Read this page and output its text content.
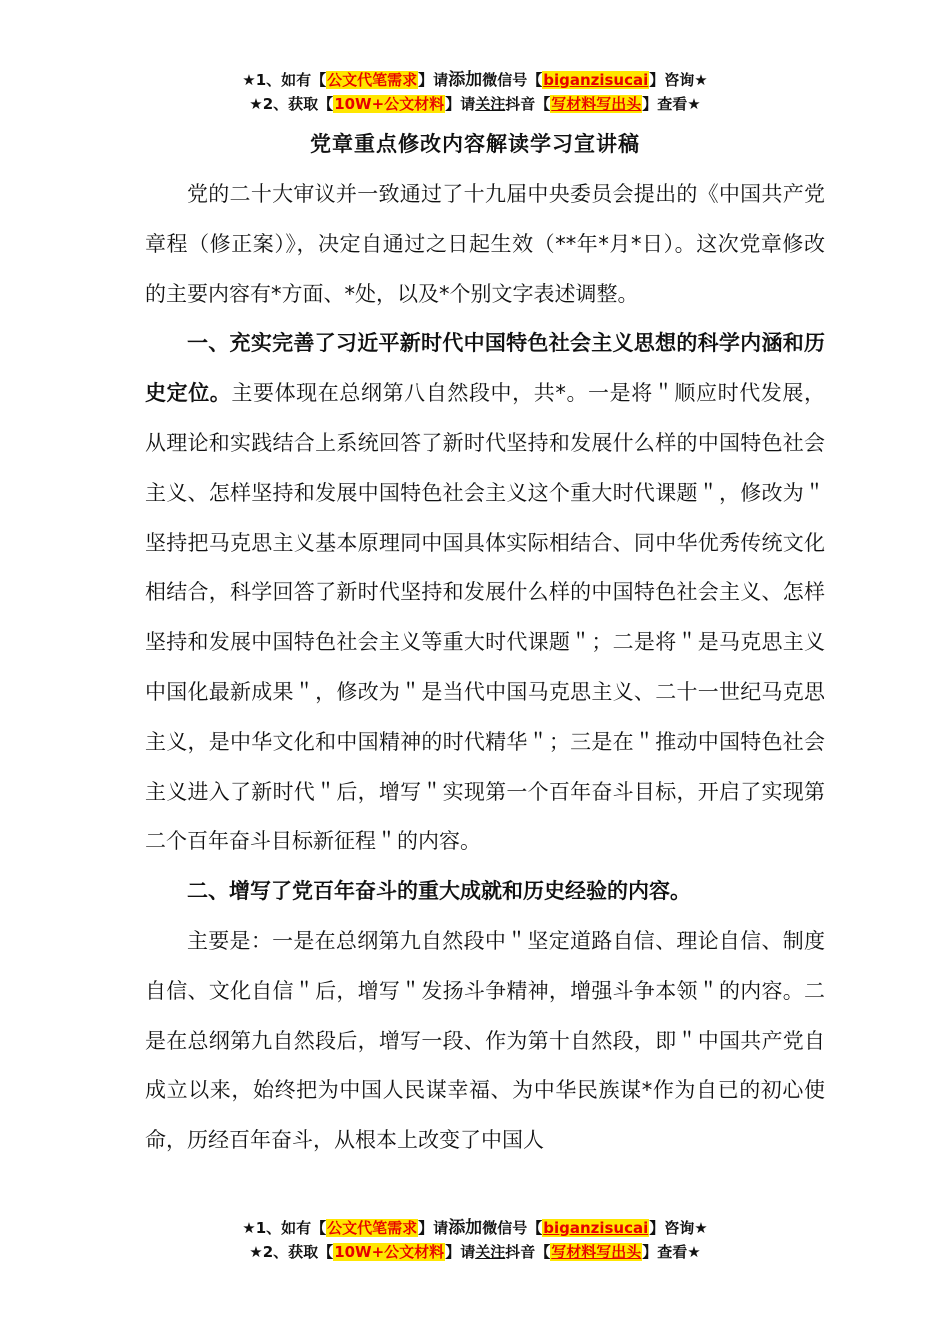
★1、如有【公文代笔需求】请添加微信号【biganzisucai】咨询★
★2、获取【10W+公文材料】请关注抖音【写材料写出头】查看★
党章重点修改内容解读学习宣讲稿

党的二十大审议并一致通过了十九届中央委员会提出的《中国共产党章程（修正案）》，决定自通过之日起生效（**年*月*日）。这次党章修改的主要内容有*方面、*处，以及*个别文字表述调整。

一、充实完善了习近平新时代中国特色社会主义思想的科学内涵和历史定位。主要体现在总纲第八自然段中，共*。一是将＂顺应时代发展，从理论和实践结合上系统回答了新时代坚持和发展什么样的中国特色社会主义、怎样坚持和发展中国特色社会主义这个重大时代课题＂，修改为＂坚持把马克思主义基本原理同中国具体实际相结合、同中华优秀传统文化相结合，科学回答了新时代坚持和发展什么样的中国特色社会主义、怎样坚持和发展中国特色社会主义等重大时代课题＂；二是将＂是马克思主义中国化最新成果＂，修改为＂是当代中国马克思主义、二十一世纪马克思主义，是中华文化和中国精神的时代精华＂；三是在＂推动中国特色社会主义进入了新时代＂后，增写＂实现第一个百年奋斗目标，开启了实现第二个百年奋斗目标新征程＂的内容。

二、增写了党百年奋斗的重大成就和历史经验的内容。

主要是：一是在总纲第九自然段中＂坚定道路自信、理论自信、制度自信、文化自信＂后，增写＂发扬斗争精神，增强斗争本领＂的内容。二是在总纲第九自然段后，增写一段、作为第十自然段，即＂中国共产党自成立以来，始终把为中国人民谋幸福、为中华民族谋*作为自已的初心使命，历经百年奋斗，从根本上改变了中国人

★1、如有【公文代笔需求】请添加微信号【biganzisucai】咨询★
★2、获取【10W+公文材料】请关注抖音【写材料写出头】查看★
